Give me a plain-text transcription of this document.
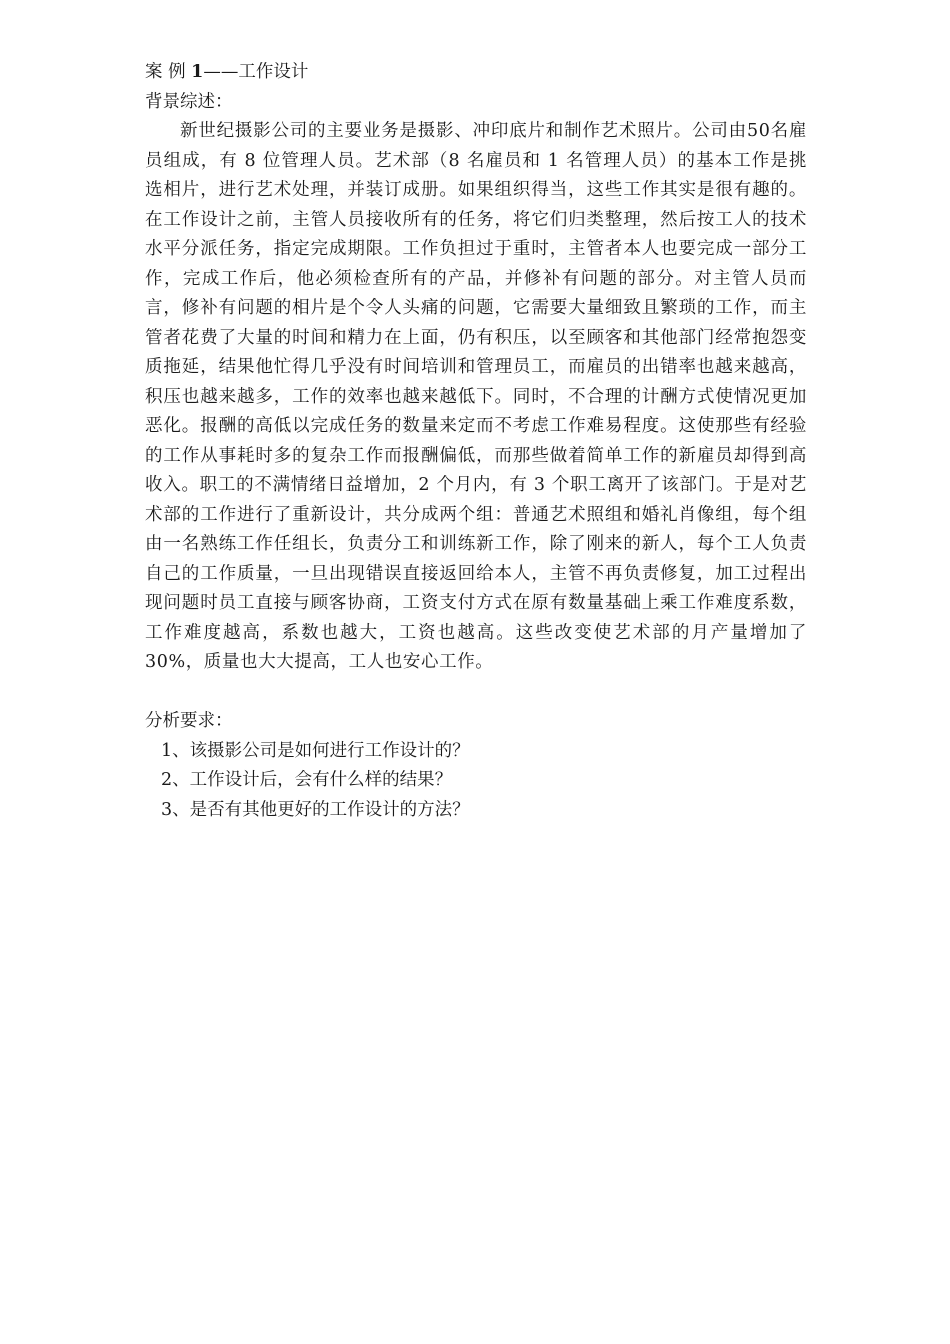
案 例 1——工作设计

背景综述：

新世纪摄影公司的主要业务是摄影、冲印底片和制作艺术照片。公司由50名雇员组成，有 8 位管理人员。艺术部（8 名雇员和 1 名管理人员）的基本工作是挑选相片，进行艺术处理，并装订成册。如果组织得当，这些工作其实是很有趣的。在工作设计之前，主管人员接收所有的任务，将它们归类整理，然后按工人的技术水平分派任务，指定完成期限。工作负担过于重时，主管者本人也要完成一部分工作，完成工作后，他必须检查所有的产品，并修补有问题的部分。对主管人员而言，修补有问题的相片是个令人头痛的问题，它需要大量细致且繁琐的工作，而主管者花费了大量的时间和精力在上面，仍有积压，以至顾客和其他部门经常抱怨变质拖延，结果他忙得几乎没有时间培训和管理员工，而雇员的出错率也越来越高，积压也越来越多，工作的效率也越来越低下。同时，不合理的计酬方式使情况更加恶化。报酬的高低以完成任务的数量来定而不考虑工作难易程度。这使那些有经验的工作从事耗时多的复杂工作而报酬偏低，而那些做着简单工作的新雇员却得到高收入。职工的不满情绪日益增加，2 个月内，有 3 个职工离开了该部门。于是对艺术部的工作进行了重新设计，共分成两个组：普通艺术照组和婚礼肖像组，每个组由一名熟练工作任组长，负责分工和训练新工作，除了刚来的新人，每个工人负责自己的工作质量，一旦出现错误直接返回给本人，主管不再负责修复，加工过程出现问题时员工直接与顾客协商，工资支付方式在原有数量基础上乘工作难度系数，工作难度越高，系数也越大，工资也越高。这些改变使艺术部的月产量增加了 30%，质量也大大提高，工人也安心工作。

分析要求：

1、该摄影公司是如何进行工作设计的？
2、工作设计后，会有什么样的结果？
3、是否有其他更好的工作设计的方法？
